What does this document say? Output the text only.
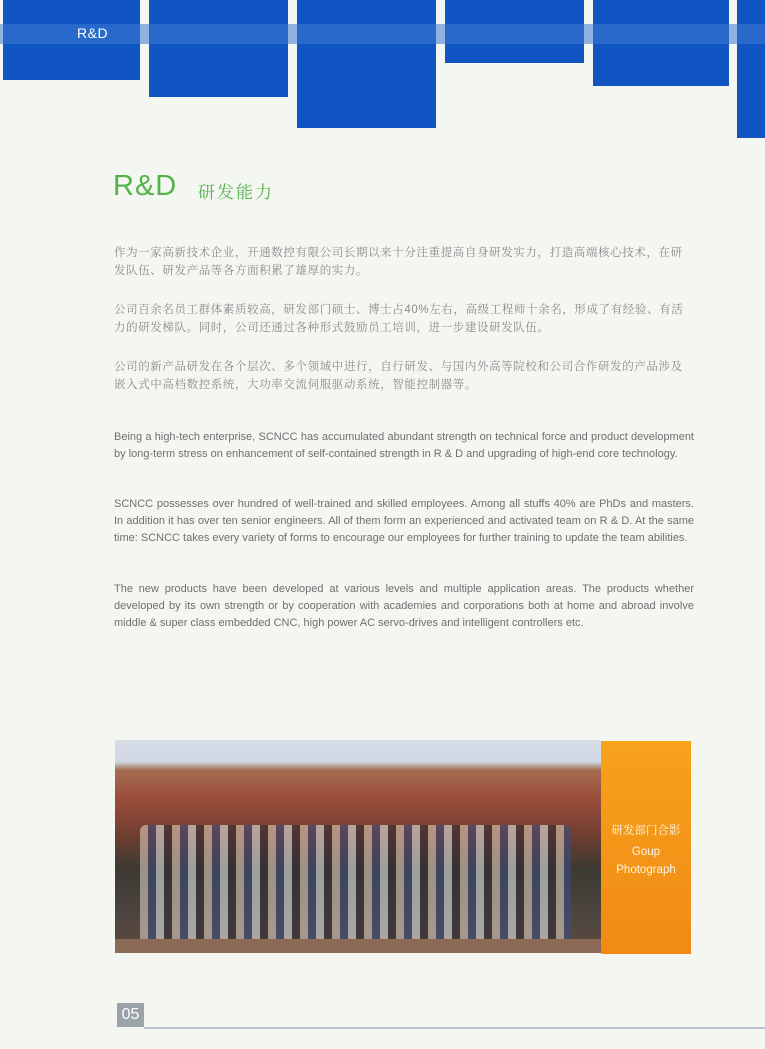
R&D
R&D 研发能力

作为一家高新技术企业，开通数控有限公司长期以来十分注重提高自身研发实力，打造高端核心技术，在研发队伍、研发产品等各方面积累了雄厚的实力。

公司百余名员工群体素质较高，研发部门硕士、博士占40%左右，高级工程师十余名，形成了有经验、有活力的研发梯队。同时，公司还通过各种形式鼓励员工培训，进一步建设研发队伍。

公司的新产品研发在各个层次、多个领域中进行，自行研发、与国内外高等院校和公司合作研发的产品涉及嵌入式中高档数控系统，大功率交流伺服驱动系统，智能控制器等。

Being a high-tech enterprise, SCNCC has accumulated abundant strength on technical force and product development by long-term stress on enhancement of self-contained strength in R & D and upgrading of high-end core technology.

SCNCC possesses over hundred of well-trained and skilled employees. Among all stuffs 40% are PhDs and masters. In addition it has over ten senior engineers. All of them form an experienced and activated team on R & D. At the same time: SCNCC takes every variety of forms to encourage our employees for further training to update the team abilities.

The new products have been developed at various levels and multiple application areas. The products whether developed by its own strength or by cooperation with academies and corporations both at home and abroad involve middle & super class embedded CNC, high power AC servo-drives and intelligent controllers etc.

研发部门合影
Goup
Photograph
05
